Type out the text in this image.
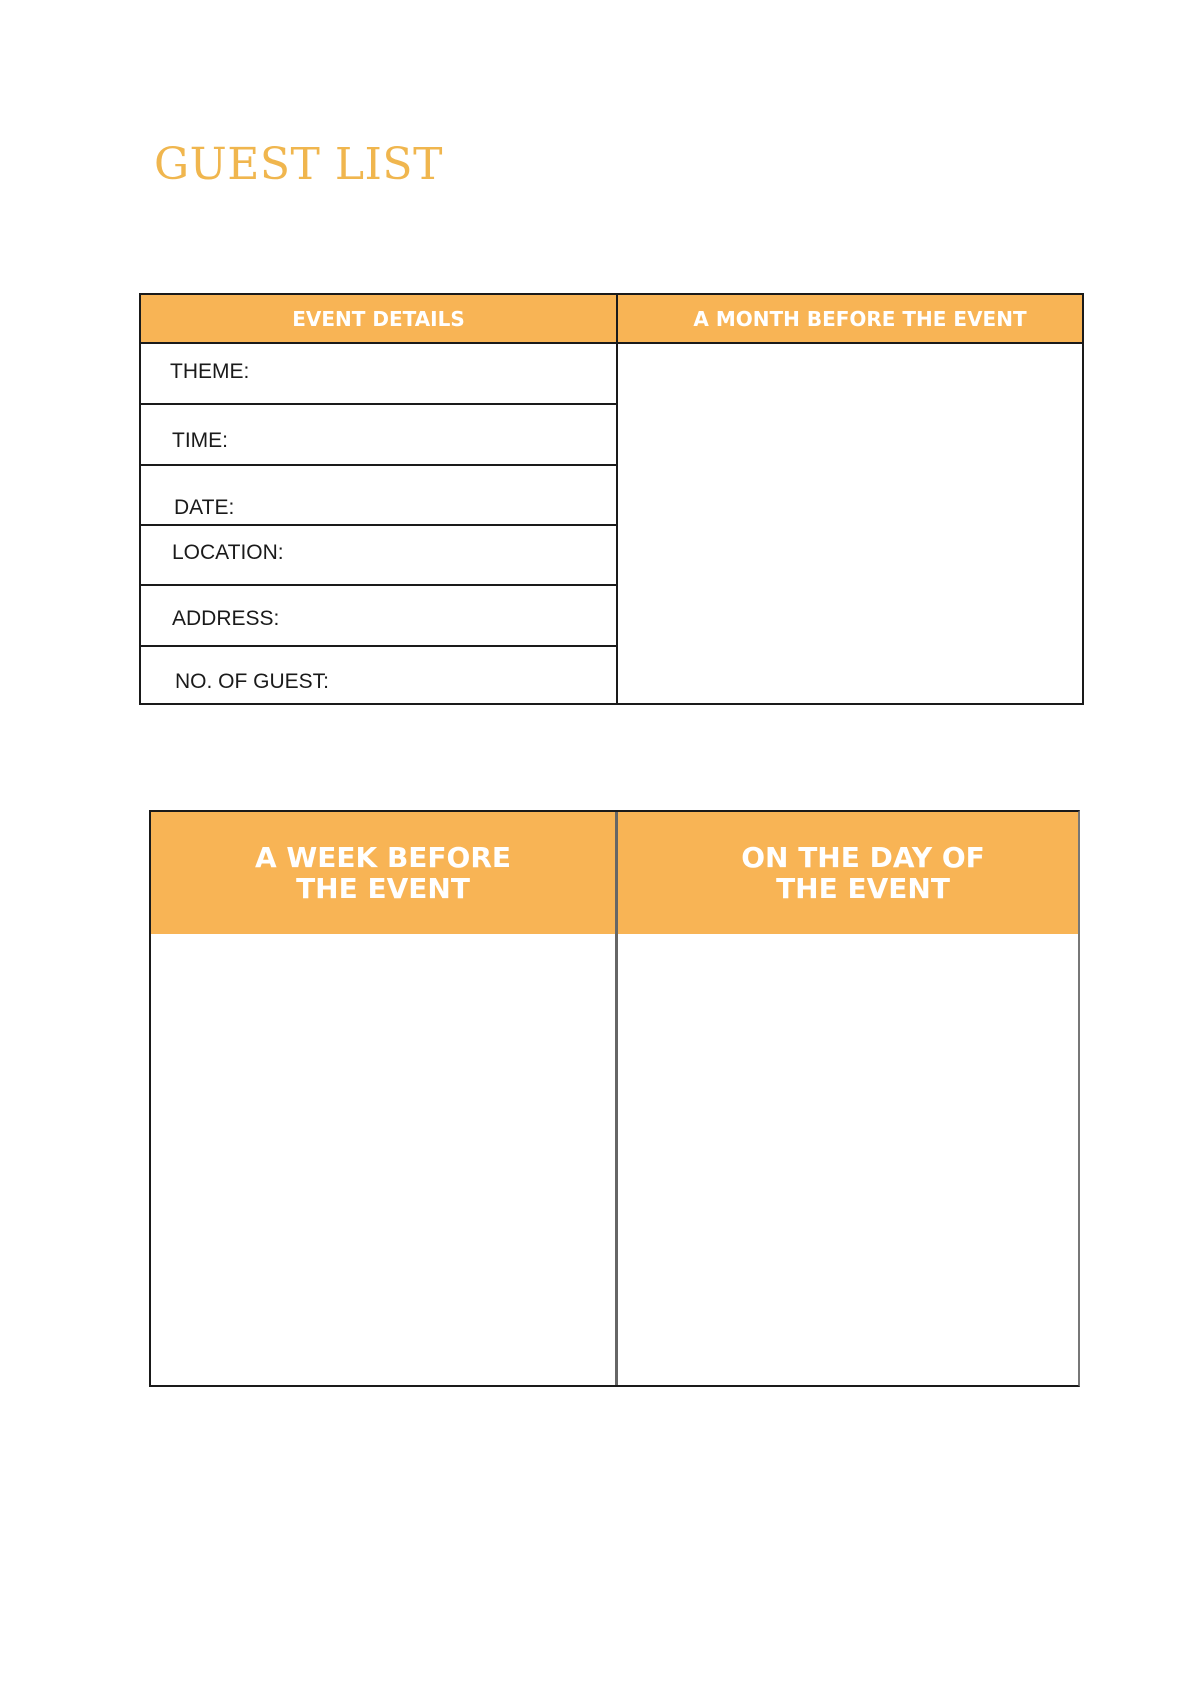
GUEST LIST
EVENT DETAILS	A MONTH BEFORE THE EVENT
THEME:
TIME:
DATE:
LOCATION:
ADDRESS:
NO. OF GUEST:
A WEEK BEFORE
THE EVENT
ON THE DAY OF
THE EVENT
